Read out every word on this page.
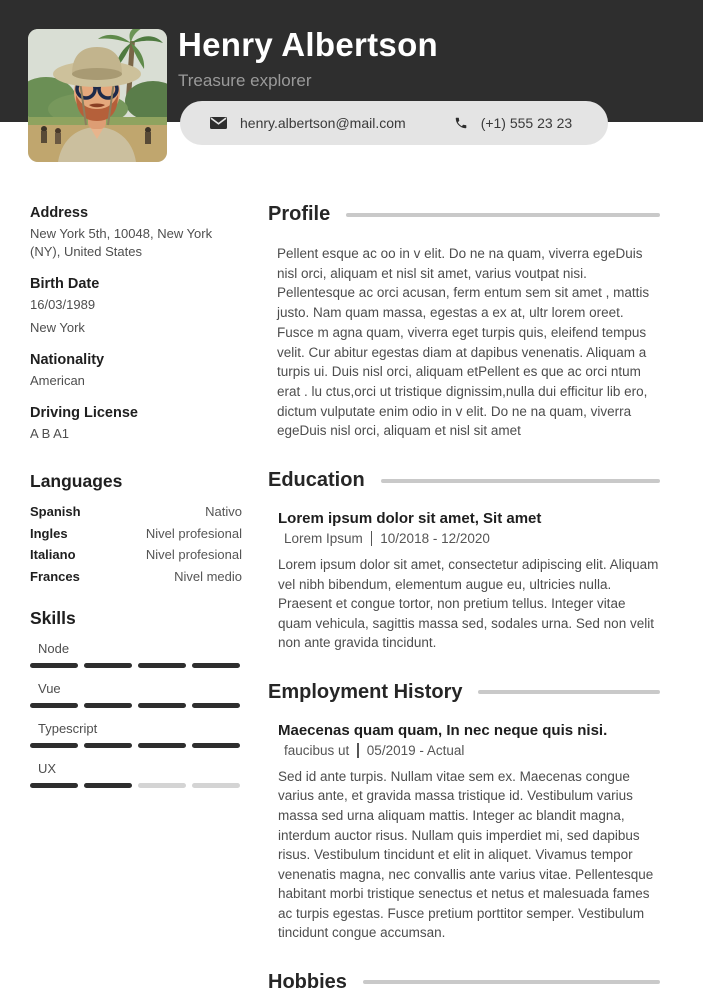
Henry Albertson
Treasure explorer
henry.albertson@mail.com	(+1) 555 23 23
Address
New York 5th, 10048, New York (NY), United States
Birth Date
16/03/1989
New York
Nationality
American
Driving License
A B A1
Languages
Spanish	Nativo
Ingles	Nivel profesional
Italiano	Nivel profesional
Frances	Nivel medio
Skills
Node
Vue
Typescript
UX
Profile
Pellent esque ac oo in v elit. Do ne na quam, viverra egeDuis nisl orci, aliquam et nisl sit amet, varius voutpat nisi. Pellentesque ac orci acusan, ferm entum sem sit amet , mattis justo. Nam quam massa, egestas a ex at, ultr lorem oreet. Fusce m agna quam, viverra eget turpis quis, eleifend tempus velit. Cur abitur egestas diam at dapibus venenatis. Aliquam a turpis ui. Duis nisl orci, aliquam etPellent es que ac orci ntum erat . lu ctus,orci ut tristique dignissim,nulla dui efficitur lib ero, dictum vulputate enim odio in v elit. Do ne na quam, viverra egeDuis nisl orci, aliquam et nisl sit amet
Education
Lorem ipsum dolor sit amet, Sit amet
Lorem Ipsum 10/2018 - 12/2020
Lorem ipsum dolor sit amet, consectetur adipiscing elit. Aliquam vel nibh bibendum, elementum augue eu, ultricies nulla. Praesent et congue tortor, non pretium tellus. Integer vitae quam vehicula, sagittis massa sed, sodales urna. Sed non velit non ante gravida tincidunt.
Employment History
Maecenas quam quam, In nec neque quis nisi.
faucibus ut 05/2019 - Actual
Sed id ante turpis. Nullam vitae sem ex. Maecenas congue varius ante, et gravida massa tristique id. Vestibulum varius massa sed urna aliquam mattis. Integer ac blandit magna, interdum auctor risus. Nullam quis imperdiet mi, sed dapibus risus. Vestibulum tincidunt et elit in aliquet. Vivamus tempor venenatis magna, nec convallis ante varius vitae. Pellentesque habitant morbi tristique senectus et netus et malesuada fames ac turpis egestas. Fusce pretium porttitor semper. Vestibulum tincidunt congue accumsan.
Hobbies
